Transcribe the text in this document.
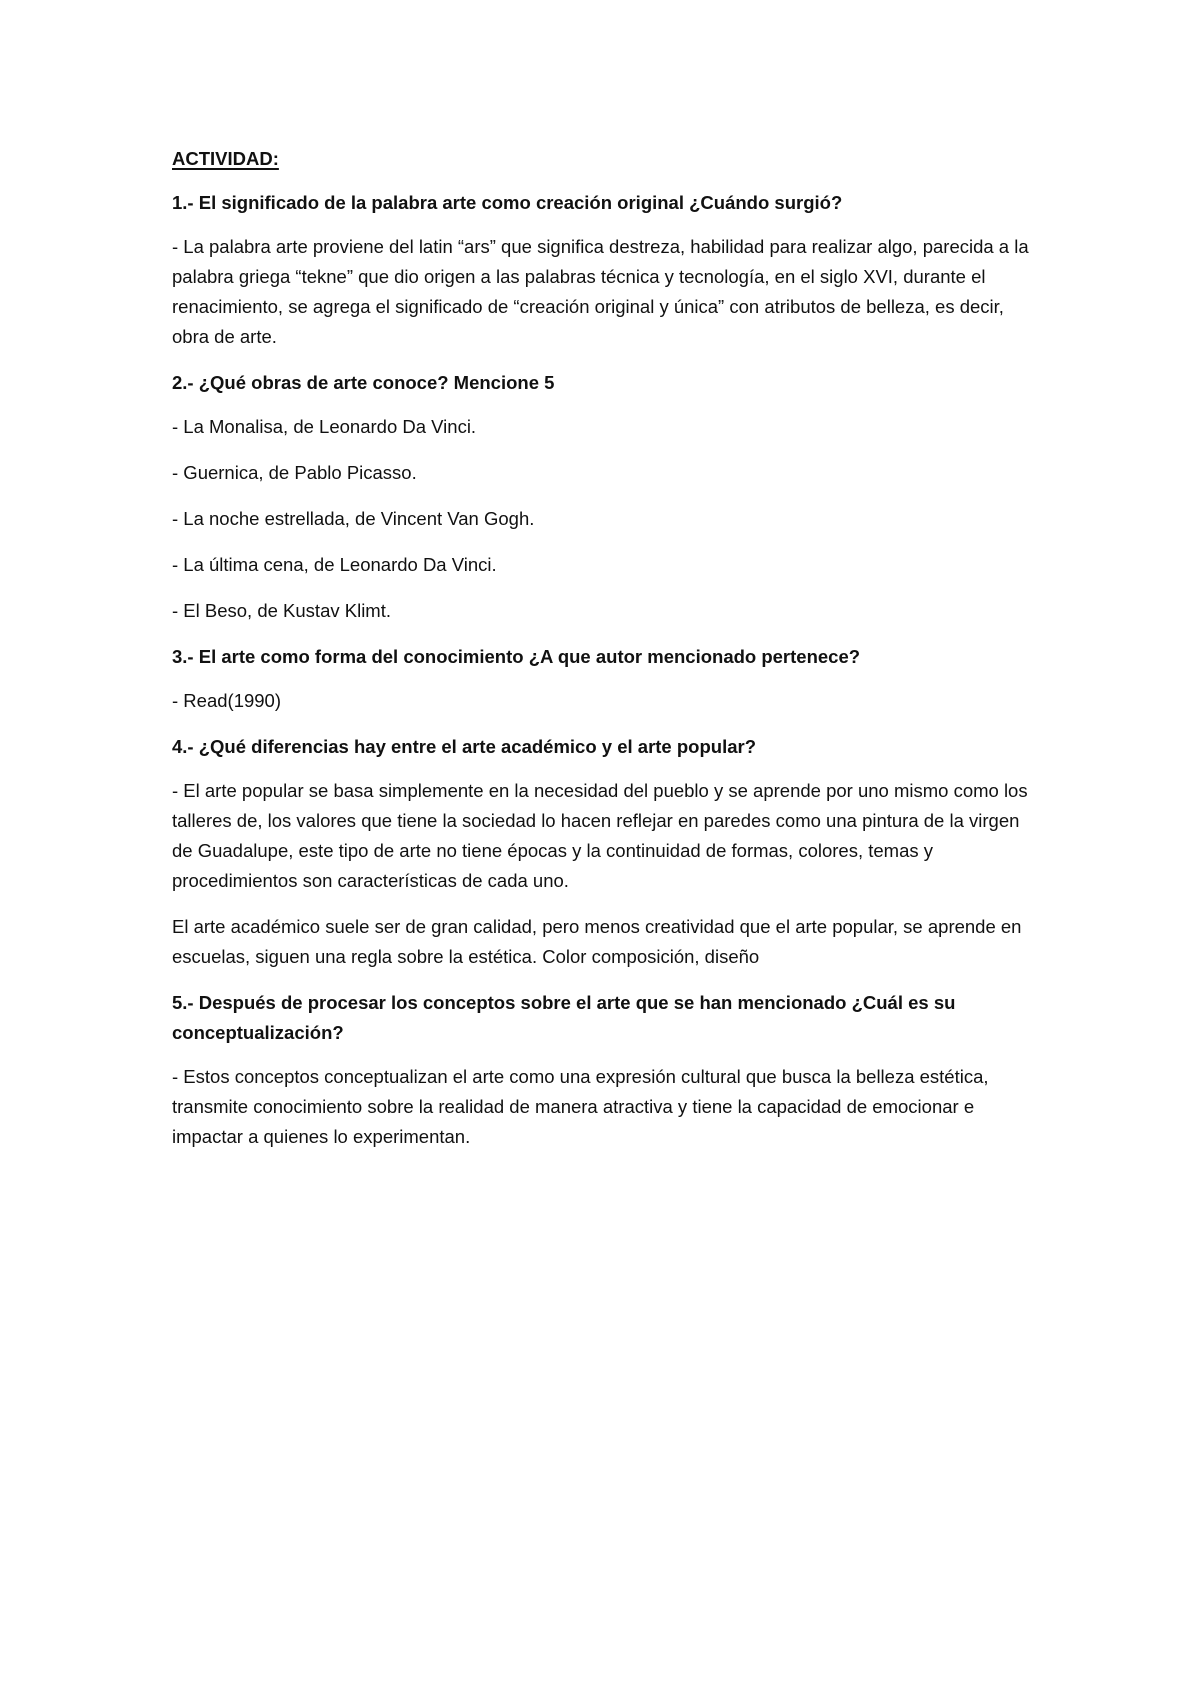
ACTIVIDAD:
1.- El significado de la palabra arte como creación original ¿Cuándo surgió?
- La palabra arte proviene del latin “ars” que significa destreza, habilidad para realizar algo, parecida a la palabra griega “tekne” que dio origen a las palabras técnica y tecnología, en el siglo XVI, durante el renacimiento, se agrega el significado de “creación original y única” con atributos de belleza, es decir, obra de arte.
2.- ¿Qué obras de arte conoce? Mencione 5
- La Monalisa, de Leonardo Da Vinci.
- Guernica, de Pablo Picasso.
- La noche estrellada, de Vincent Van Gogh.
- La última cena, de Leonardo Da Vinci.
- El Beso, de Kustav Klimt.
3.- El arte como forma del conocimiento ¿A que autor mencionado pertenece?
- Read(1990)
4.- ¿Qué diferencias hay entre el arte académico y el arte popular?
- El arte popular se basa simplemente en la necesidad del pueblo y se aprende por uno mismo como los talleres de, los valores que tiene la sociedad lo hacen reflejar en paredes como una pintura de la virgen de Guadalupe, este tipo de arte no tiene épocas y la continuidad de formas, colores, temas y procedimientos son características de cada uno.
El arte académico suele ser de gran calidad, pero menos creatividad que el arte popular, se aprende en escuelas, siguen una regla sobre la estética. Color composición, diseño
5.- Después de procesar los conceptos sobre el arte que se han mencionado ¿Cuál es su conceptualización?
- Estos conceptos conceptualizan el arte como una expresión cultural que busca la belleza estética, transmite conocimiento sobre la realidad de manera atractiva y tiene la capacidad de emocionar e impactar a quienes lo experimentan.
